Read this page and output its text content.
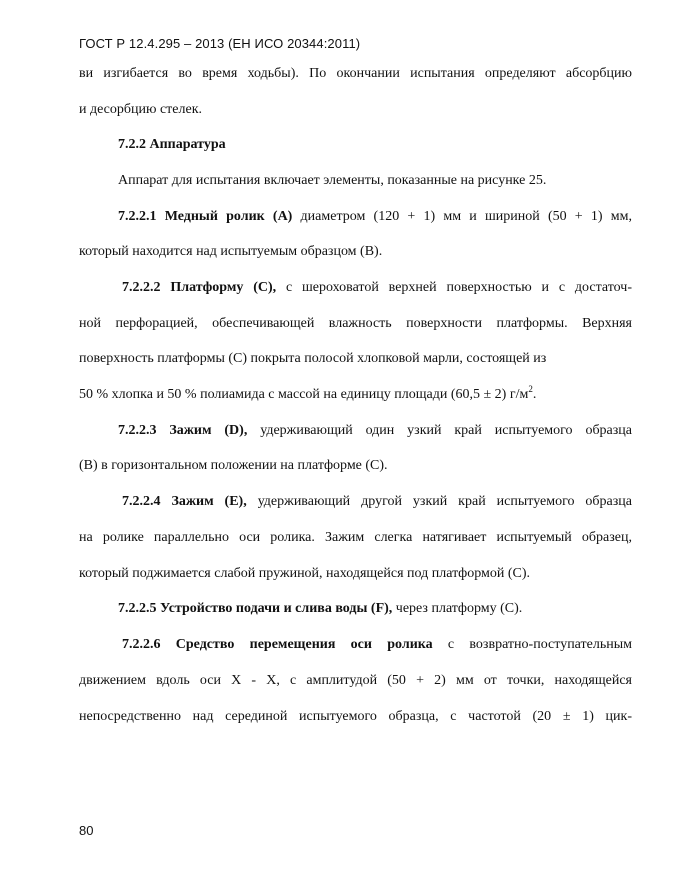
ГОСТ Р 12.4.295 – 2013 (ЕН ИСО 20344:2011)
ви изгибается во время ходьбы). По окончании испытания определяют абсорбцию
и десорбцию стелек.
7.2.2 Аппаратура
Аппарат для испытания включает элементы, показанные на рисунке 25.
7.2.2.1 Медный ролик (А) диаметром (120 + 1) мм и шириной (50 + 1) мм,
который находится над испытуемым образцом (В).
7.2.2.2 Платформу (С), с шероховатой верхней поверхностью и с достаточ-
ной перфорацией, обеспечивающей влажность поверхности платформы. Верхняя
поверхность платформы (С) покрыта полосой хлопковой марли, состоящей из
50 % хлопка и 50 % полиамида с массой на единицу площади (60,5 ± 2) $г/м^2$.
7.2.2.3 Зажим (D), удерживающий один узкий край испытуемого образца
(В) в горизонтальном положении на платформе (С).
7.2.2.4 Зажим (Е), удерживающий другой узкий край испытуемого образца
на ролике параллельно оси ролика. Зажим слегка натягивает испытуемый образец,
который поджимается слабой пружиной, находящейся под платформой (С).
7.2.2.5 Устройство подачи и слива воды (F), через платформу (С).
7.2.2.6 Средство перемещения оси ролика с возвратно-поступательным
движением вдоль оси X - X, с амплитудой (50 + 2) мм от точки, находящейся
непосредственно над серединой испытуемого образца, с частотой (20 ± 1) цик-
80
